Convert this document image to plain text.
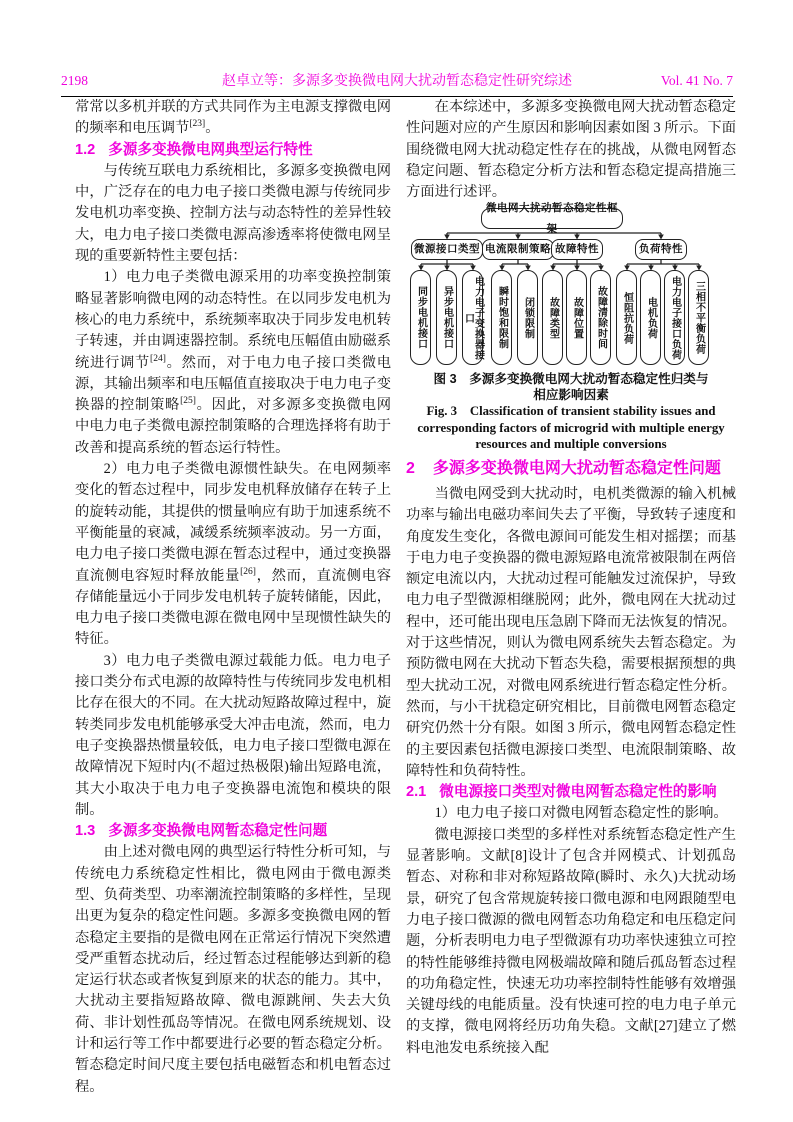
2198	赵卓立等：多源多变换微电网大扰动暂态稳定性研究综述	Vol. 41 No. 7

常常以多机并联的方式共同作为主电源支撑微电网的频率和电压调节[23]。

1.2 多源多变换微电网典型运行特性

与传统互联电力系统相比，多源多变换微电网中，广泛存在的电力电子接口类微电源与传统同步发电机功率变换、控制方法与动态特性的差异性较大，电力电子接口类微电源高渗透率将使微电网呈现的重要新特性主要包括：

1）电力电子类微电源采用的功率变换控制策略显著影响微电网的动态特性。在以同步发电机为核心的电力系统中，系统频率取决于同步发电机转子转速，并由调速器控制。系统电压幅值由励磁系统进行调节[24]。然而，对于电力电子接口类微电源，其输出频率和电压幅值直接取决于电力电子变换器的控制策略[25]。因此，对多源多变换微电网中电力电子类微电源控制策略的合理选择将有助于改善和提高系统的暂态运行特性。

2）电力电子类微电源惯性缺失。在电网频率变化的暂态过程中，同步发电机释放储存在转子上的旋转动能，其提供的惯量响应有助于加速系统不平衡能量的衰减，减缓系统频率波动。另一方面，电力电子接口类微电源在暂态过程中，通过变换器直流侧电容短时释放能量[26]，然而，直流侧电容存储能量远小于同步发电机转子旋转储能，因此，电力电子接口类微电源在微电网中呈现惯性缺失的特征。

3）电力电子类微电源过载能力低。电力电子接口类分布式电源的故障特性与传统同步发电机相比存在很大的不同。在大扰动短路故障过程中，旋转类同步发电机能够承受大冲击电流，然而，电力电子变换器热惯量较低，电力电子接口型微电源在故障情况下短时内(不超过热极限)输出短路电流，其大小取决于电力电子变换器电流饱和模块的限制。

1.3 多源多变换微电网暂态稳定性问题

由上述对微电网的典型运行特性分析可知，与传统电力系统稳定性相比，微电网由于微电源类型、负荷类型、功率潮流控制策略的多样性，呈现出更为复杂的稳定性问题。多源多变换微电网的暂态稳定主要指的是微电网在正常运行情况下突然遭受严重暂态扰动后，经过暂态过程能够达到新的稳定运行状态或者恢复到原来的状态的能力。其中，大扰动主要指短路故障、微电源跳闸、失去大负荷、非计划性孤岛等情况。在微电网系统规划、设计和运行等工作中都要进行必要的暂态稳定分析。暂态稳定时间尺度主要包括电磁暂态和机电暂态过程。

在本综述中，多源多变换微电网大扰动暂态稳定性问题对应的产生原因和影响因素如图 3 所示。下面围绕微电网大扰动稳定性存在的挑战，从微电网暂态稳定问题、暂态稳定分析方法和暂态稳定提高措施三方面进行述评。

微电网大扰动暂态稳定性框架
微源接口类型 电流限制策略 故障特性	负荷特性
同步电机接口	异步电机接口	电力电子变换器接口	瞬时饱和限制	闭锁限制	故障类型	故障位置	故障清除时间	恒阻抗负荷	电机负荷	电力电子接口负荷	三相不平衡负荷
图 3　多源多变换微电网大扰动暂态稳定性归类与
相应影响因素
Fig. 3　Classification of transient stability issues and
corresponding factors of microgrid with multiple energy
resources and multiple conversions
2 多源多变换微电网大扰动暂态稳定性问题

当微电网受到大扰动时，电机类微源的输入机械功率与输出电磁功率间失去了平衡，导致转子速度和角度发生变化，各微电源间可能发生相对摇摆；而基于电力电子变换器的微电源短路电流常被限制在两倍额定电流以内，大扰动过程可能触发过流保护，导致电力电子型微源相继脱网；此外，微电网在大扰动过程中，还可能出现电压急剧下降而无法恢复的情况。对于这些情况，则认为微电网系统失去暂态稳定。为预防微电网在大扰动下暂态失稳，需要根据预想的典型大扰动工况，对微电网系统进行暂态稳定性分析。然而，与小干扰稳定研究相比，目前微电网暂态稳定研究仍然十分有限。如图 3 所示，微电网暂态稳定性的主要因素包括微电源接口类型、电流限制策略、故障特性和负荷特性。

2.1 微电源接口类型对微电网暂态稳定性的影响

1）电力电子接口对微电网暂态稳定性的影响。

微电源接口类型的多样性对系统暂态稳定性产生显著影响。文献[8]设计了包含并网模式、计划孤岛暂态、对称和非对称短路故障(瞬时、永久)大扰动场景，研究了包含常规旋转接口微电源和电网跟随型电力电子接口微源的微电网暂态功角稳定和电压稳定问题，分析表明电力电子型微源有功功率快速独立可控的特性能够维持微电网极端故障和随后孤岛暂态过程的功角稳定性，快速无功功率控制特性能够有效增强关键母线的电能质量。没有快速可控的电力电子单元的支撑，微电网将经历功角失稳。文献[27]建立了燃料电池发电系统接入配
